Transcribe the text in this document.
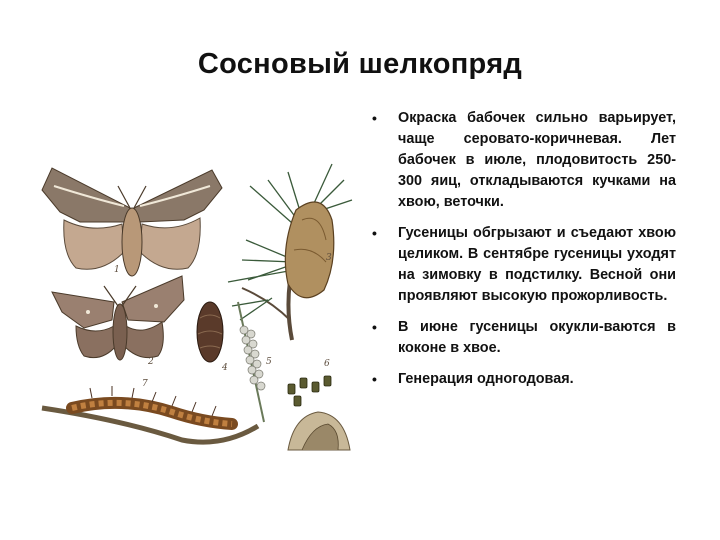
Сосновый шелкопряд
1
2
3
4
5	6
7
• Окраска бабочек сильно варьирует, чаще серовато-коричневая. Лет бабочек в июле, плодовитость 250-300 яиц, откладываются кучками на хвою, веточки.
• Гусеницы обгрызают и съедают хвою целиком. В сентябре гусеницы уходят на зимовку в подстилку. Весной они проявляют высокую прожорливость.
• В июне гусеницы окукли-ваются в коконе в хвое.
• Генерация одногодовая.
